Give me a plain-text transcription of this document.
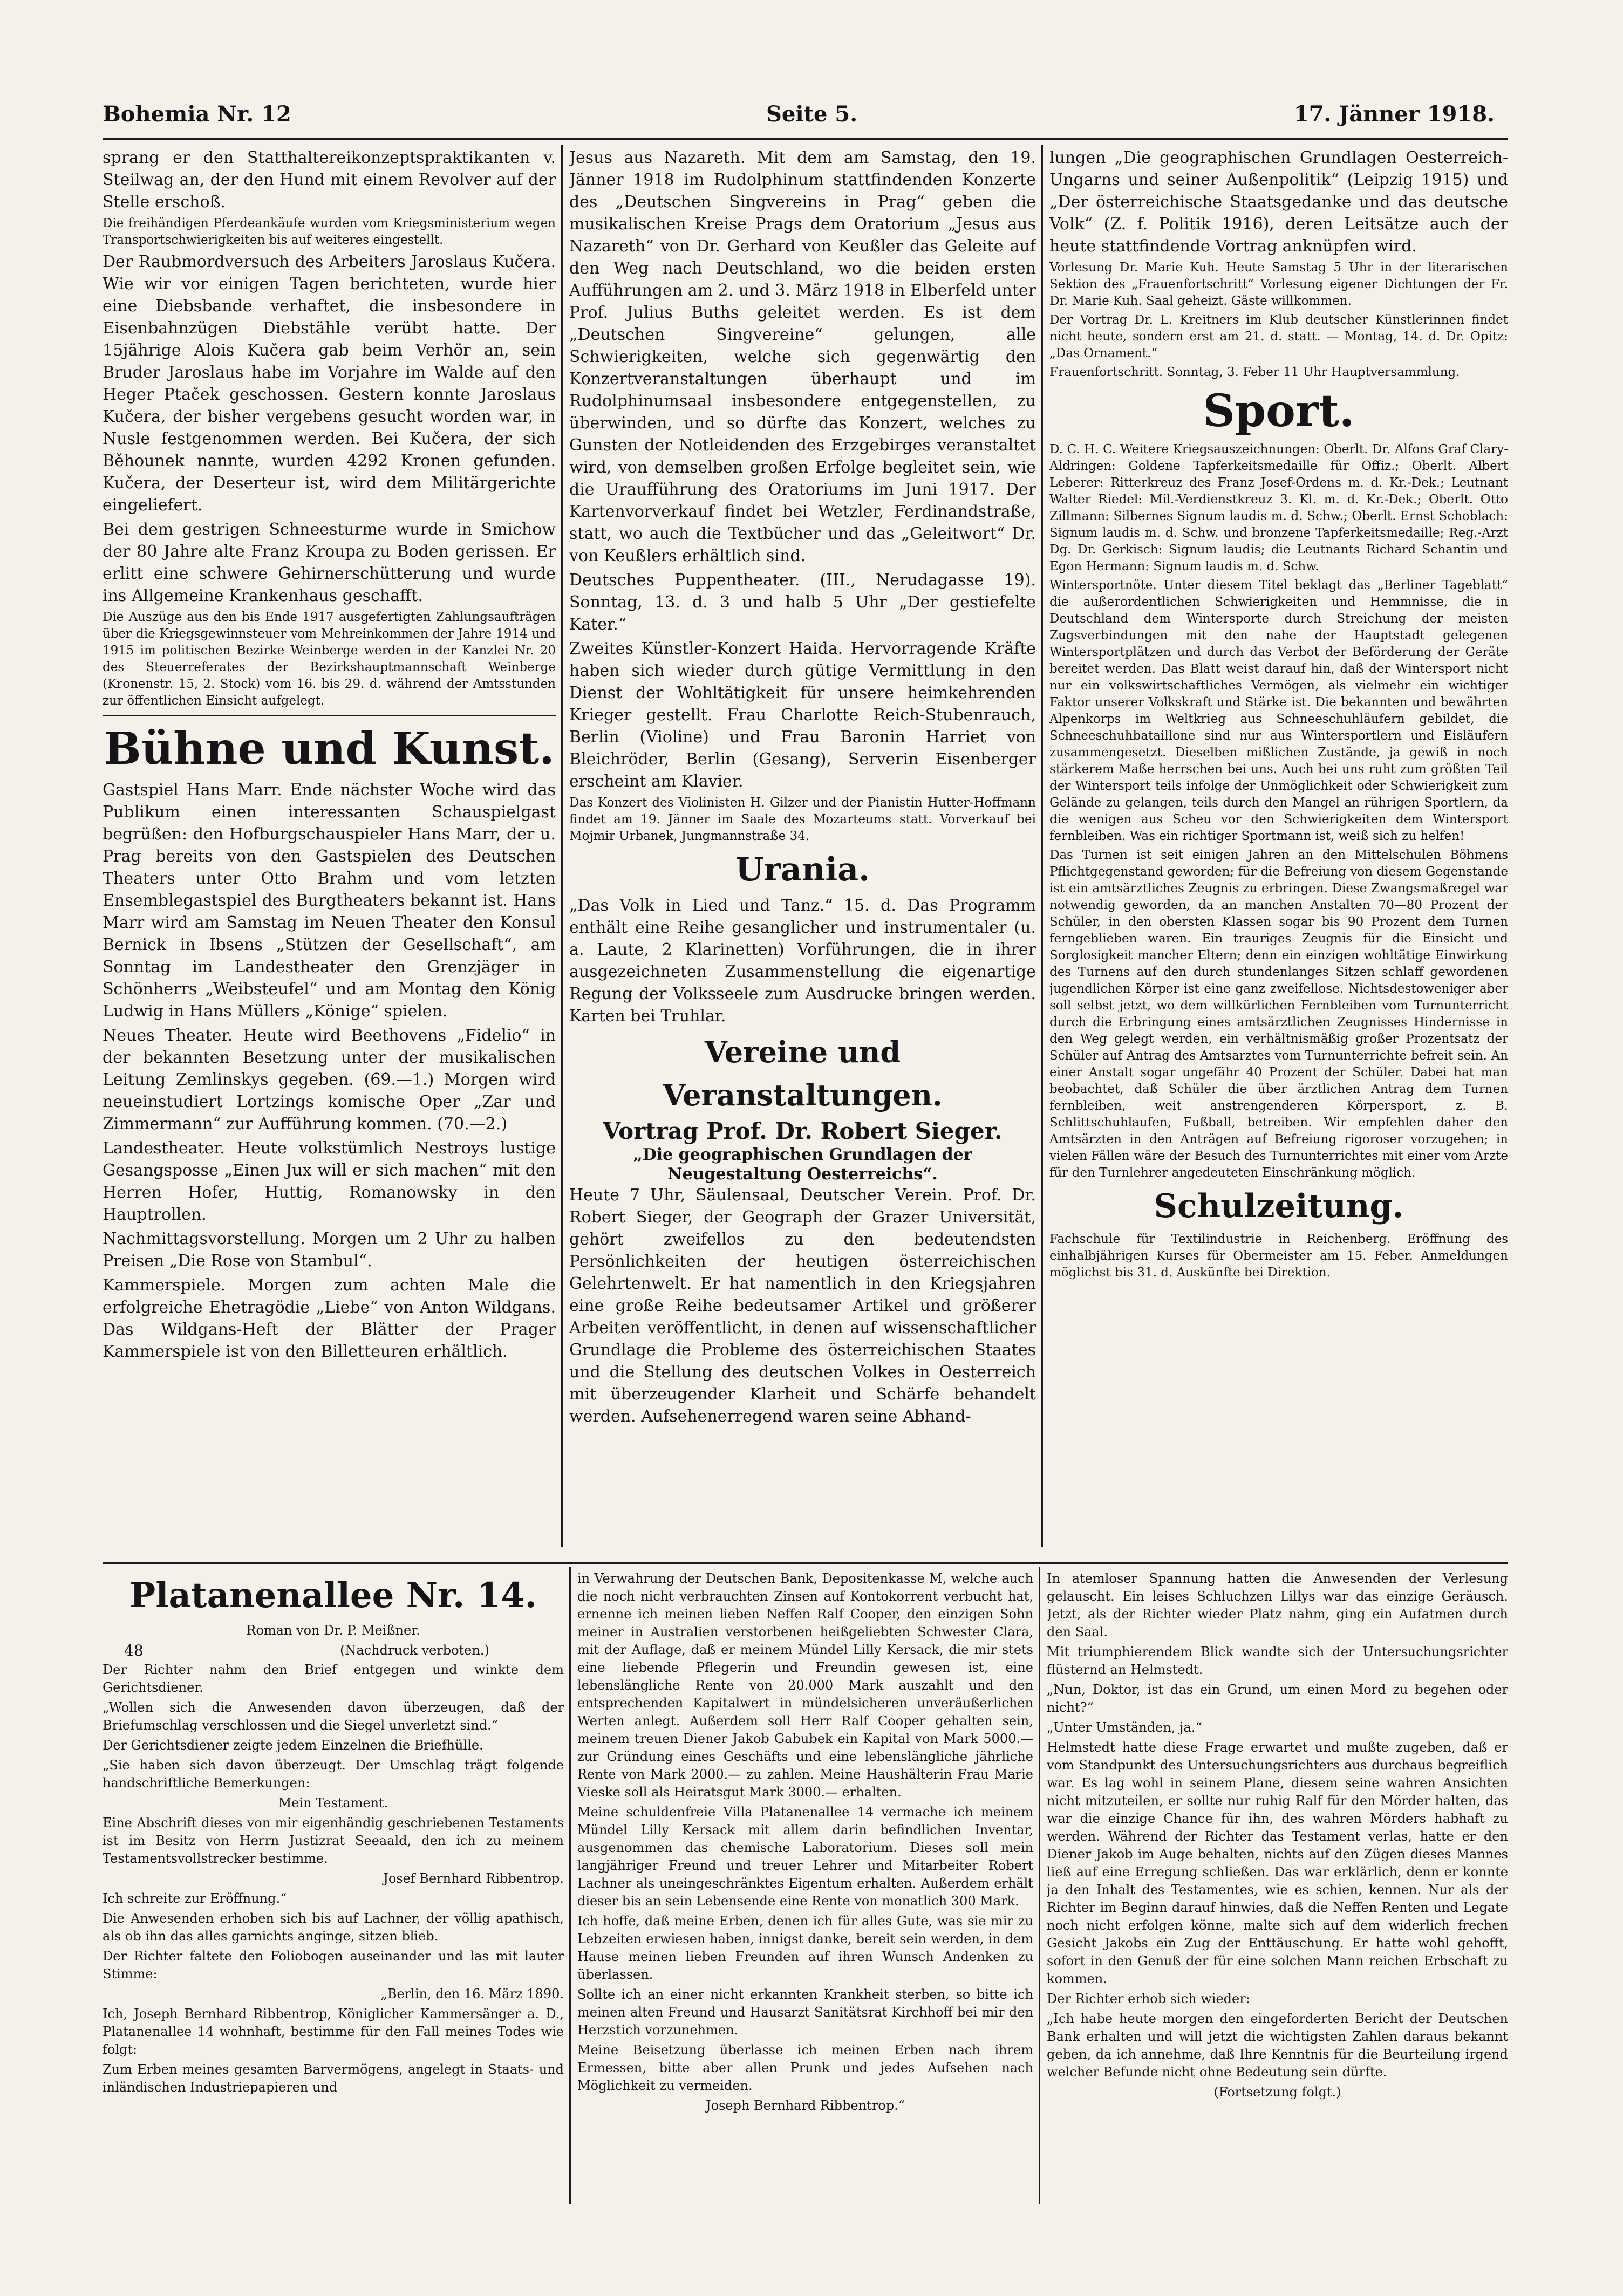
Bohemia Nr. 12	Seite 5.	17. Jänner 1918.

sprang er den Statthaltereikonzeptspraktikanten v. Steilwag an, der den Hund mit einem Revolver auf der Stelle erschoß.

Die freihändigen Pferdeankäufe wurden vom Kriegsministerium wegen Transportschwierigkeiten bis auf weiteres eingestellt.

Der Raubmordversuch des Arbeiters Jaroslaus Kučera. Wie wir vor einigen Tagen berichteten, wurde hier eine Diebsbande verhaftet, die insbesondere in Eisenbahnzügen Diebstähle verübt hatte. Der 15jährige Alois Kučera gab beim Verhör an, sein Bruder Jaroslaus habe im Vorjahre im Walde auf den Heger Ptaček geschossen. Gestern konnte Jaroslaus Kučera, der bisher vergebens gesucht worden war, in Nusle festgenommen werden. Bei Kučera, der sich Běhounek nannte, wurden 4292 Kronen gefunden. Kučera, der Deserteur ist, wird dem Militärgerichte eingeliefert.

Bei dem gestrigen Schneesturme wurde in Smichow der 80 Jahre alte Franz Kroupa zu Boden gerissen. Er erlitt eine schwere Gehirnerschütterung und wurde ins Allgemeine Krankenhaus geschafft.

Die Auszüge aus den bis Ende 1917 ausgefertigten Zahlungsaufträgen über die Kriegsgewinnsteuer vom Mehreinkommen der Jahre 1914 und 1915 im politischen Bezirke Weinberge werden in der Kanzlei Nr. 20 des Steuerreferates der Bezirkshauptmannschaft Weinberge (Kronenstr. 15, 2. Stock) vom 16. bis 29. d. während der Amtsstunden zur öffentlichen Einsicht aufgelegt.

Bühne und Kunst.

Gastspiel Hans Marr. Ende nächster Woche wird das Publikum einen interessanten Schauspielgast begrüßen: den Hofburgschauspieler Hans Marr, der u. Prag bereits von den Gastspielen des Deutschen Theaters unter Otto Brahm und vom letzten Ensemblegastspiel des Burgtheaters bekannt ist. Hans Marr wird am Samstag im Neuen Theater den Konsul Bernick in Ibsens „Stützen der Gesellschaft“, am Sonntag im Landestheater den Grenzjäger in Schönherrs „Weibsteufel“ und am Montag den König Ludwig in Hans Müllers „Könige“ spielen.

Neues Theater. Heute wird Beethovens „Fidelio“ in der bekannten Besetzung unter der musikalischen Leitung Zemlinskys gegeben. (69.—1.) Morgen wird neueinstudiert Lortzings komische Oper „Zar und Zimmermann“ zur Aufführung kommen. (70.—2.)

Landestheater. Heute volkstümlich Nestroys lustige Gesangsposse „Einen Jux will er sich machen“ mit den Herren Hofer, Huttig, Romanowsky in den Hauptrollen.

Nachmittagsvorstellung. Morgen um 2 Uhr zu halben Preisen „Die Rose von Stambul“.

Kammerspiele. Morgen zum achten Male die erfolgreiche Ehetragödie „Liebe“ von Anton Wildgans. Das Wildgans-Heft der Blätter der Prager Kammerspiele ist von den Billetteuren erhältlich.

Jesus aus Nazareth. Mit dem am Samstag, den 19. Jänner 1918 im Rudolphinum stattfindenden Konzerte des „Deutschen Singvereins in Prag“ geben die musikalischen Kreise Prags dem Oratorium „Jesus aus Nazareth“ von Dr. Gerhard von Keußler das Geleite auf den Weg nach Deutschland, wo die beiden ersten Aufführungen am 2. und 3. März 1918 in Elberfeld unter Prof. Julius Buths geleitet werden. Es ist dem „Deutschen Singvereine“ gelungen, alle Schwierigkeiten, welche sich gegenwärtig den Konzertveranstaltungen überhaupt und im Rudolphinumsaal insbesondere entgegenstellen, zu überwinden, und so dürfte das Konzert, welches zu Gunsten der Notleidenden des Erzgebirges veranstaltet wird, von demselben großen Erfolge begleitet sein, wie die Uraufführung des Oratoriums im Juni 1917. Der Kartenvorverkauf findet bei Wetzler, Ferdinandstraße, statt, wo auch die Textbücher und das „Geleitwort“ Dr. von Keußlers erhältlich sind.

Deutsches Puppentheater. (III., Nerudagasse 19). Sonntag, 13. d. 3 und halb 5 Uhr „Der gestiefelte Kater.“

Zweites Künstler-Konzert Haida. Hervorragende Kräfte haben sich wieder durch gütige Vermittlung in den Dienst der Wohltätigkeit für unsere heimkehrenden Krieger gestellt. Frau Charlotte Reich-Stubenrauch, Berlin (Violine) und Frau Baronin Harriet von Bleichröder, Berlin (Gesang), Serverin Eisenberger erscheint am Klavier.

Das Konzert des Violinisten H. Gilzer und der Pianistin Hutter-Hoffmann findet am 19. Jänner im Saale des Mozarteums statt. Vorverkauf bei Mojmir Urbanek, Jungmannstraße 34.

Urania.

„Das Volk in Lied und Tanz.“ 15. d. Das Programm enthält eine Reihe gesanglicher und instrumentaler (u. a. Laute, 2 Klarinetten) Vorführungen, die in ihrer ausgezeichneten Zusammenstellung die eigenartige Regung der Volksseele zum Ausdrucke bringen werden. Karten bei Truhlar.

Vereine und Veranstaltungen.
Vortrag Prof. Dr. Robert Sieger.
„Die geographischen Grundlagen der Neugestaltung Oesterreichs“.

Heute 7 Uhr, Säulensaal, Deutscher Verein. Prof. Dr. Robert Sieger, der Geograph der Grazer Universität, gehört zweifellos zu den bedeutendsten Persönlichkeiten der heutigen österreichischen Gelehrtenwelt. Er hat namentlich in den Kriegsjahren eine große Reihe bedeutsamer Artikel und größerer Arbeiten veröffentlicht, in denen auf wissenschaftlicher Grundlage die Probleme des österreichischen Staates und die Stellung des deutschen Volkes in Oesterreich mit überzeugender Klarheit und Schärfe behandelt werden. Aufsehenerregend waren seine Abhand-

lungen „Die geographischen Grundlagen Oesterreich-Ungarns und seiner Außenpolitik“ (Leipzig 1915) und „Der österreichische Staatsgedanke und das deutsche Volk“ (Z. f. Politik 1916), deren Leitsätze auch der heute stattfindende Vortrag anknüpfen wird.

Vorlesung Dr. Marie Kuh. Heute Samstag 5 Uhr in der literarischen Sektion des „Frauenfortschritt“ Vorlesung eigener Dichtungen der Fr. Dr. Marie Kuh. Saal geheizt. Gäste willkommen.

Der Vortrag Dr. L. Kreitners im Klub deutscher Künstlerinnen findet nicht heute, sondern erst am 21. d. statt. — Montag, 14. d. Dr. Opitz: „Das Ornament.“

Frauenfortschritt. Sonntag, 3. Feber 11 Uhr Hauptversammlung.

Sport.

D. C. H. C. Weitere Kriegsauszeichnungen: Oberlt. Dr. Alfons Graf Clary-Aldringen: Goldene Tapferkeitsmedaille für Offiz.; Oberlt. Albert Leberer: Ritterkreuz des Franz Josef-Ordens m. d. Kr.-Dek.; Leutnant Walter Riedel: Mil.-Verdienstkreuz 3. Kl. m. d. Kr.-Dek.; Oberlt. Otto Zillmann: Silbernes Signum laudis m. d. Schw.; Oberlt. Ernst Schoblach: Signum laudis m. d. Schw. und bronzene Tapferkeitsmedaille; Reg.-Arzt Dg. Dr. Gerkisch: Signum laudis; die Leutnants Richard Schantin und Egon Hermann: Signum laudis m. d. Schw.

Wintersportnöte. Unter diesem Titel beklagt das „Berliner Tageblatt“ die außerordentlichen Schwierigkeiten und Hemmnisse, die in Deutschland dem Wintersporte durch Streichung der meisten Zugsverbindungen mit den nahe der Hauptstadt gelegenen Wintersportplätzen und durch das Verbot der Beförderung der Geräte bereitet werden. Das Blatt weist darauf hin, daß der Wintersport nicht nur ein volkswirtschaftliches Vermögen, als vielmehr ein wichtiger Faktor unserer Volkskraft und Stärke ist. Die bekannten und bewährten Alpenkorps im Weltkrieg aus Schneeschuhläufern gebildet, die Schneeschuhbataillone sind nur aus Wintersportlern und Eisläufern zusammengesetzt. Dieselben mißlichen Zustände, ja gewiß in noch stärkerem Maße herrschen bei uns. Auch bei uns ruht zum größten Teil der Wintersport teils infolge der Unmöglichkeit oder Schwierigkeit zum Gelände zu gelangen, teils durch den Mangel an rührigen Sportlern, da die wenigen aus Scheu vor den Schwierigkeiten dem Wintersport fernbleiben. Was ein richtiger Sportmann ist, weiß sich zu helfen!

Das Turnen ist seit einigen Jahren an den Mittelschulen Böhmens Pflichtgegenstand geworden; für die Befreiung von diesem Gegenstande ist ein amtsärztliches Zeugnis zu erbringen. Diese Zwangsmaßregel war notwendig geworden, da an manchen Anstalten 70—80 Prozent der Schüler, in den obersten Klassen sogar bis 90 Prozent dem Turnen ferngeblieben waren. Ein trauriges Zeugnis für die Einsicht und Sorglosigkeit mancher Eltern; denn ein einzigen wohltätige Einwirkung des Turnens auf den durch stundenlanges Sitzen schlaff gewordenen jugendlichen Körper ist eine ganz zweifellose. Nichtsdestoweniger aber soll selbst jetzt, wo dem willkürlichen Fernbleiben vom Turnunterricht durch die Erbringung eines amtsärztlichen Zeugnisses Hindernisse in den Weg gelegt werden, ein verhältnismäßig großer Prozentsatz der Schüler auf Antrag des Amtsarztes vom Turnunterrichte befreit sein. An einer Anstalt sogar ungefähr 40 Prozent der Schüler. Dabei hat man beobachtet, daß Schüler die über ärztlichen Antrag dem Turnen fernbleiben, weit anstrengenderen Körpersport, z. B. Schlittschuhlaufen, Fußball, betreiben. Wir empfehlen daher den Amtsärzten in den Anträgen auf Befreiung rigoroser vorzugehen; in vielen Fällen wäre der Besuch des Turnunterrichtes mit einer vom Arzte für den Turnlehrer angedeuteten Einschränkung möglich.

Schulzeitung.

Fachschule für Textilindustrie in Reichenberg. Eröffnung des einhalbjährigen Kurses für Obermeister am 15. Feber. Anmeldungen möglichst bis 31. d. Auskünfte bei Direktion.

Platanenallee Nr. 14.
Roman von Dr. P. Meißner.
48	(Nachdruck verboten.)

Der Richter nahm den Brief entgegen und winkte dem Gerichtsdiener.

„Wollen sich die Anwesenden davon überzeugen, daß der Briefumschlag verschlossen und die Siegel unverletzt sind.“

Der Gerichtsdiener zeigte jedem Einzelnen die Briefhülle.

„Sie haben sich davon überzeugt. Der Umschlag trägt folgende handschriftliche Bemerkungen:

Mein Testament.

Eine Abschrift dieses von mir eigenhändig geschriebenen Testaments ist im Besitz von Herrn Justizrat Seeaald, den ich zu meinem Testamentsvollstrecker bestimme.

Josef Bernhard Ribbentrop.

Ich schreite zur Eröffnung.“

Die Anwesenden erhoben sich bis auf Lachner, der völlig apathisch, als ob ihn das alles garnichts anginge, sitzen blieb.

Der Richter faltete den Foliobogen auseinander und las mit lauter Stimme:

„Berlin, den 16. März 1890.

Ich, Joseph Bernhard Ribbentrop, Königlicher Kammersänger a. D., Platanenallee 14 wohnhaft, bestimme für den Fall meines Todes wie folgt:

Zum Erben meines gesamten Barvermögens, angelegt in Staats- und inländischen Industriepapieren und

in Verwahrung der Deutschen Bank, Depositenkasse M, welche auch die noch nicht verbrauchten Zinsen auf Kontokorrent verbucht hat, ernenne ich meinen lieben Neffen Ralf Cooper, den einzigen Sohn meiner in Australien verstorbenen heißgeliebten Schwester Clara, mit der Auflage, daß er meinem Mündel Lilly Kersack, die mir stets eine liebende Pflegerin und Freundin gewesen ist, eine lebenslängliche Rente von 20.000 Mark auszahlt und den entsprechenden Kapitalwert in mündelsicheren unveräußerlichen Werten anlegt. Außerdem soll Herr Ralf Cooper gehalten sein, meinem treuen Diener Jakob Gabubek ein Kapital von Mark 5000.— zur Gründung eines Geschäfts und eine lebenslängliche jährliche Rente von Mark 2000.— zu zahlen. Meine Haushälterin Frau Marie Vieske soll als Heiratsgut Mark 3000.— erhalten.

Meine schuldenfreie Villa Platanenallee 14 vermache ich meinem Mündel Lilly Kersack mit allem darin befindlichen Inventar, ausgenommen das chemische Laboratorium. Dieses soll mein langjähriger Freund und treuer Lehrer und Mitarbeiter Robert Lachner als uneingeschränktes Eigentum erhalten. Außerdem erhält dieser bis an sein Lebensende eine Rente von monatlich 300 Mark.

Ich hoffe, daß meine Erben, denen ich für alles Gute, was sie mir zu Lebzeiten erwiesen haben, innigst danke, bereit sein werden, in dem Hause meinen lieben Freunden auf ihren Wunsch Andenken zu überlassen.

Sollte ich an einer nicht erkannten Krankheit sterben, so bitte ich meinen alten Freund und Hausarzt Sanitätsrat Kirchhoff bei mir den Herzstich vorzunehmen.

Meine Beisetzung überlasse ich meinen Erben nach ihrem Ermessen, bitte aber allen Prunk und jedes Aufsehen nach Möglichkeit zu vermeiden.

Joseph Bernhard Ribbentrop.“

In atemloser Spannung hatten die Anwesenden der Verlesung gelauscht. Ein leises Schluchzen Lillys war das einzige Geräusch. Jetzt, als der Richter wieder Platz nahm, ging ein Aufatmen durch den Saal.

Mit triumphierendem Blick wandte sich der Untersuchungsrichter flüsternd an Helmstedt.

„Nun, Doktor, ist das ein Grund, um einen Mord zu begehen oder nicht?“

„Unter Umständen, ja.“

Helmstedt hatte diese Frage erwartet und mußte zugeben, daß er vom Standpunkt des Untersuchungsrichters aus durchaus begreiflich war. Es lag wohl in seinem Plane, diesem seine wahren Ansichten nicht mitzuteilen, er sollte nur ruhig Ralf für den Mörder halten, das war die einzige Chance für ihn, des wahren Mörders habhaft zu werden. Während der Richter das Testament verlas, hatte er den Diener Jakob im Auge behalten, nichts auf den Zügen dieses Mannes ließ auf eine Erregung schließen. Das war erklärlich, denn er konnte ja den Inhalt des Testamentes, wie es schien, kennen. Nur als der Richter im Beginn darauf hinwies, daß die Neffen Renten und Legate noch nicht erfolgen könne, malte sich auf dem widerlich frechen Gesicht Jakobs ein Zug der Enttäuschung. Er hatte wohl gehofft, sofort in den Genuß der für eine solchen Mann reichen Erbschaft zu kommen.

Der Richter erhob sich wieder:

„Ich habe heute morgen den eingeforderten Bericht der Deutschen Bank erhalten und will jetzt die wichtigsten Zahlen daraus bekannt geben, da ich annehme, daß Ihre Kenntnis für die Beurteilung irgend welcher Befunde nicht ohne Bedeutung sein dürfte.

(Fortsetzung folgt.)
